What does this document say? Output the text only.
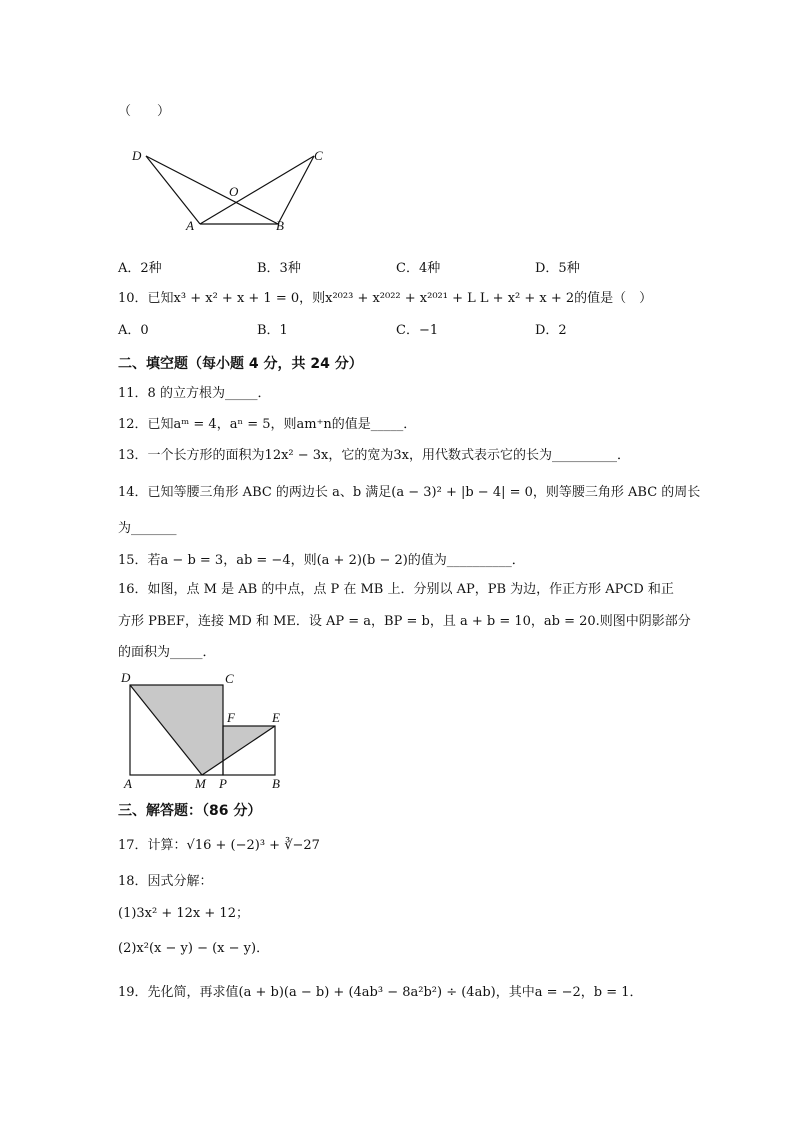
（　　）
D	C
O
A	B
A．2种	B．3种	C．4种	D．5种
10．已知x³ + x² + x + 1 = 0，则x²⁰²³ + x²⁰²² + x²⁰²¹ + L L + x² + x + 2的值是（　）
A．0	B．1	C．−1	D．2
二、填空题（每小题 4 分，共 24 分）
11．8 的立方根为_____．
12．已知aᵐ = 4，aⁿ = 5，则am⁺n的值是_____．
13．一个长方形的面积为12x² − 3x，它的宽为3x，用代数式表示它的长为__________．
14．已知等腰三角形 ABC 的两边长 a、b 满足(a − 3)² + |b − 4| = 0，则等腰三角形 ABC 的周长
为_______
15．若a − b = 3，ab = −4，则(a + 2)(b − 2)的值为__________．
16．如图，点 M 是 AB 的中点，点 P 在 MB 上．分别以 AP，PB 为边，作正方形 APCD 和正
方形 PBEF，连接 MD 和 ME．设 AP = a，BP = b，且 a + b = 10，ab = 20.则图中阴影部分
的面积为_____．
D	C
F	E
A	M P	B
三、解答题：（86 分）
17．计算：√16 + (−2)³ + ∛−27
18．因式分解：
(1)3x² + 12x + 12；
(2)x²(x − y) − (x − y)．
19．先化简，再求值(a + b)(a − b) + (4ab³ − 8a²b²) ÷ (4ab)，其中a = −2，b = 1．
